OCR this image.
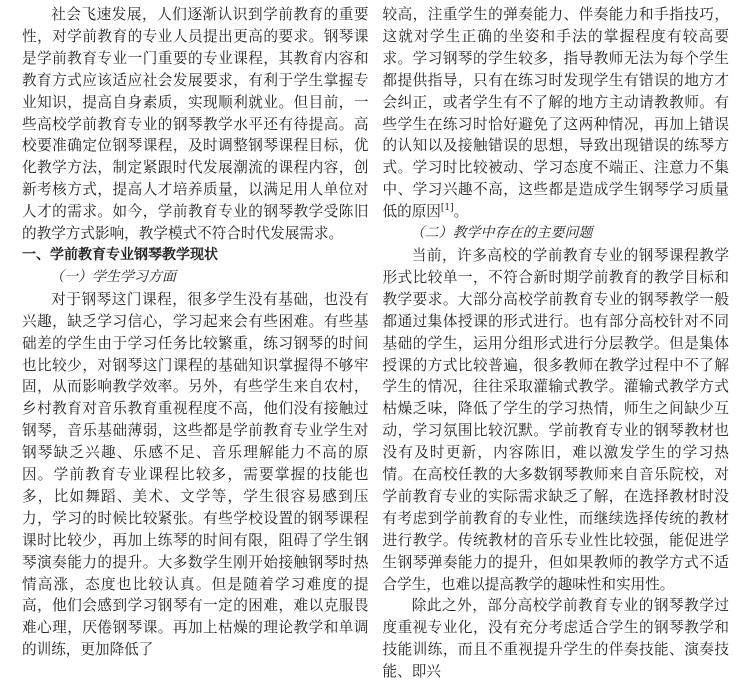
社会飞速发展，人们逐渐认识到学前教育的重要性，对学前教育的专业人员提出更高的要求。钢琴课是学前教育专业一门重要的专业课程，其教育内容和教育方式应该适应社会发展要求，有利于学生掌握专业知识，提高自身素质，实现顺利就业。但目前，一些高校学前教育专业的钢琴教学水平还有待提高。高校要准确定位钢琴课程，及时调整钢琴课程目标，优化教学方法，制定紧跟时代发展潮流的课程内容，创新考核方式，提高人才培养质量，以满足用人单位对人才的需求。如今，学前教育专业的钢琴教学受陈旧的教学方式影响，教学模式不符合时代发展需求。

一、学前教育专业钢琴教学现状
（一）学生学习方面

对于钢琴这门课程，很多学生没有基础，也没有兴趣，缺乏学习信心，学习起来会有些困难。有些基础差的学生由于学习任务比较繁重，练习钢琴的时间也比较少，对钢琴这门课程的基础知识掌握得不够牢固，从而影响教学效率。另外，有些学生来自农村，乡村教育对音乐教育重视程度不高，他们没有接触过钢琴，音乐基础薄弱，这些都是学前教育专业学生对钢琴缺乏兴趣、乐感不足、音乐理解能力不高的原因。学前教育专业课程比较多，需要掌握的技能也多，比如舞蹈、美术、文学等，学生很容易感到压力，学习的时候比较紧张。有些学校设置的钢琴课程课时比较少，再加上练琴的时间有限，阻碍了学生钢琴演奏能力的提升。大多数学生刚开始接触钢琴时热情高涨，态度也比较认真。但是随着学习难度的提高，他们会感到学习钢琴有一定的困难，难以克服畏难心理，厌倦钢琴课。再加上枯燥的理论教学和单调的训练，更加降低了

较高，注重学生的弹奏能力、伴奏能力和手指技巧，这就对学生正确的坐姿和手法的掌握程度有较高要求。学习钢琴的学生较多，指导教师无法为每个学生都提供指导，只有在练习时发现学生有错误的地方才会纠正，或者学生有不了解的地方主动请教教师。有些学生在练习时恰好避免了这两种情况，再加上错误的认知以及接触错误的思想，导致出现错误的练琴方式。学习时比较被动、学习态度不端正、注意力不集中、学习兴趣不高，这些都是造成学生钢琴学习质量低的原因[1]。

（二）教学中存在的主要问题

当前，许多高校的学前教育专业的钢琴课程教学形式比较单一，不符合新时期学前教育的教学目标和教学要求。大部分高校学前教育专业的钢琴教学一般都通过集体授课的形式进行。也有部分高校针对不同基础的学生，运用分组形式进行分层教学。但是集体授课的方式比较普遍，很多教师在教学过程中不了解学生的情况，往往采取灌输式教学。灌输式教学方式枯燥乏味，降低了学生的学习热情，师生之间缺少互动，学习氛围比较沉默。学前教育专业的钢琴教材也没有及时更新，内容陈旧，难以激发学生的学习热情。在高校任教的大多数钢琴教师来自音乐院校，对学前教育专业的实际需求缺乏了解，在选择教材时没有考虑到学前教育的专业性，而继续选择传统的教材进行教学。传统教材的音乐专业性比较强，能促进学生钢琴弹奏能力的提升，但如果教师的教学方式不适合学生，也难以提高教学的趣味性和实用性。

除此之外，部分高校学前教育专业的钢琴教学过度重视专业化，没有充分考虑适合学生的钢琴教学和技能训练，而且不重视提升学生的伴奏技能、演奏技能、即兴
